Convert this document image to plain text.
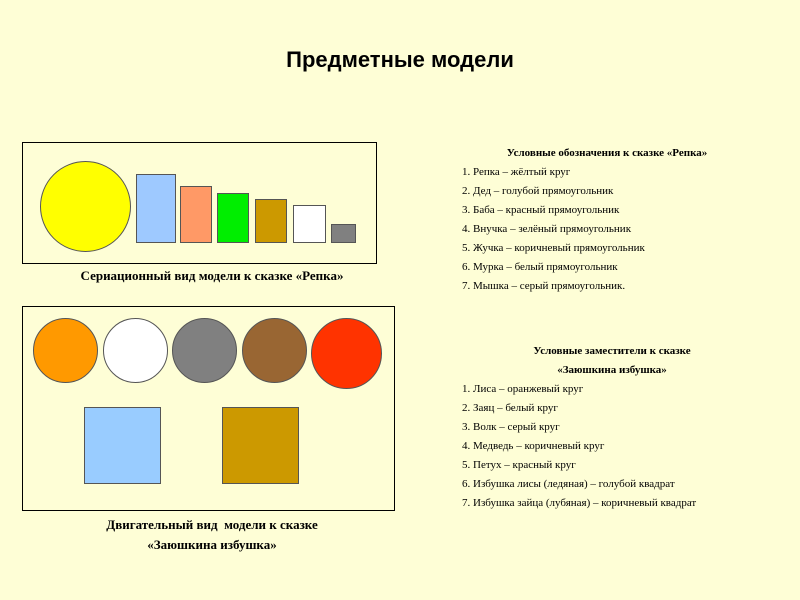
Предметные модели
Сериационный вид модели к сказке «Репка»
Двигательный вид  модели к сказке
«Заюшкина избушка»
Условные обозначения к сказке «Репка»
1. Репка – жёлтый круг
2. Дед – голубой прямоугольник
3. Баба – красный прямоугольник
4. Внучка – зелёный прямоугольник
5. Жучка – коричневый прямоугольник
6. Мурка – белый прямоугольник
7. Мышка – серый прямоугольник.
Условные заместители к сказке
«Заюшкина избушка»
1. Лиса – оранжевый круг
2. Заяц – белый круг
3. Волк – серый круг
4. Медведь – коричневый круг
5. Петух – красный круг
6. Избушка лисы (ледяная) – голубой квадрат
7. Избушка зайца (лубяная) – коричневый квадрат
